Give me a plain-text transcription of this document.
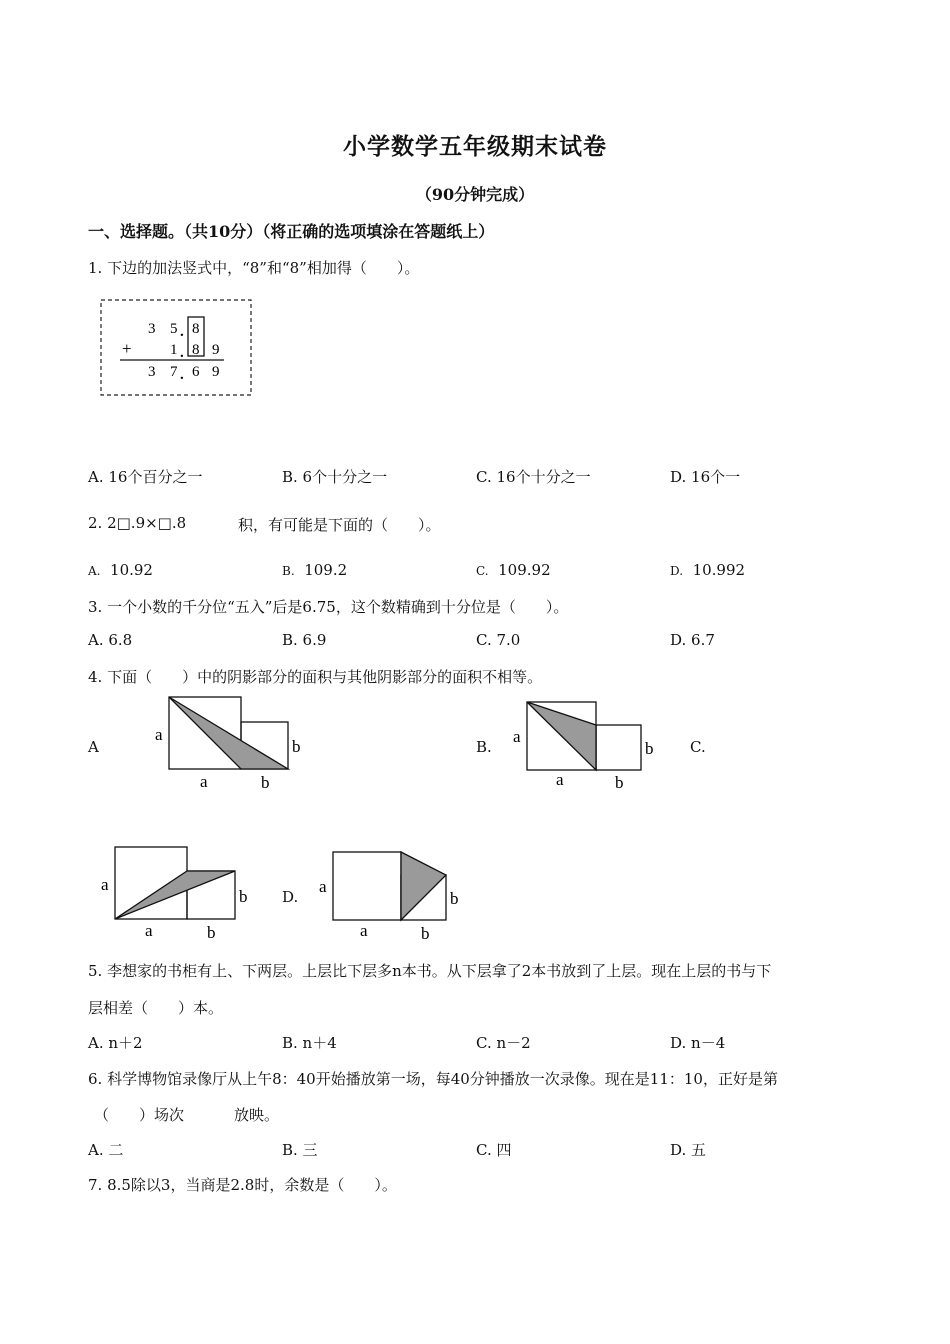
小学数学五年级期末试卷
（90分钟完成）
一、选择题。（共10分）（将正确的选项填涂在答题纸上）
1. 下边的加法竖式中，“8”和“8”相加得（　　）。
3 5 . 8
+	1 . 8 9
3 7 . 6 9
A. 16个百分之一	B. 6个十分之一	C. 16个十分之一	D. 16个一
2. 2□.9×□.8	积，有可能是下面的（　　）。
A. 10.92	B. 109.2	C. 109.92	D. 10.992
3. 一个小数的千分位“五入”后是6.75，这个数精确到十分位是（　　）。
A. 6.8	B. 6.9	C. 7.0	D. 6.7
4. 下面（　　）中的阴影部分的面积与其他阴影部分的面积不相等。
A
a
a
b
b
B.
a
a
b
b
C.
a
a
b
b
D.
a
a
b
b
5. 李想家的书柜有上、下两层。上层比下层多n本书。从下层拿了2本书放到了上层。现在上层的书与下
层相差（　　）本。
A. n＋2	B. n＋4	C. n－2	D. n－4
6. 科学博物馆录像厅从上午8：40开始播放第一场，每40分钟播放一次录像。现在是11：10，正好是第
（　　）场次	放映。
A. 二	B. 三	C. 四	D. 五
7. 8.5除以3，当商是2.8时，余数是（　　）。
